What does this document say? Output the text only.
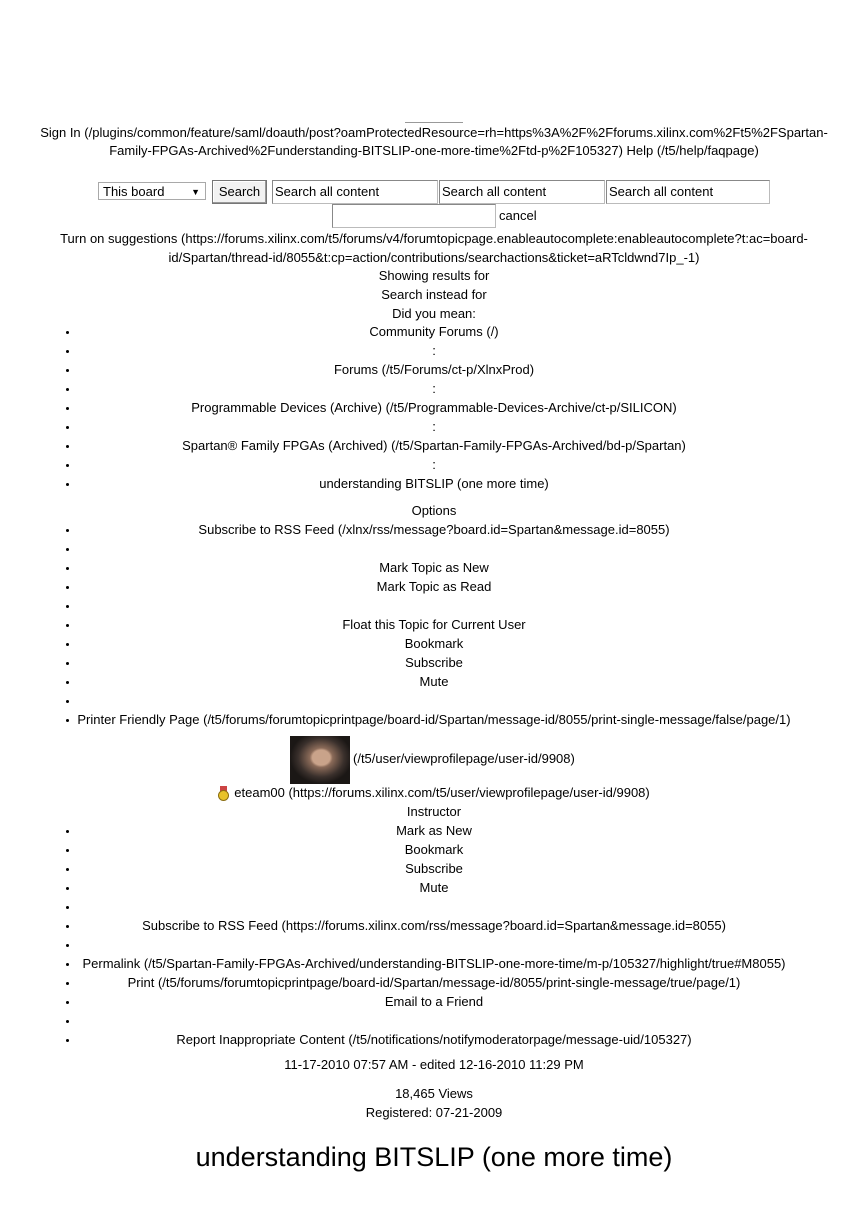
Sign In (/plugins/common/feature/saml/doauth/post?oamProtectedResource=rh=https%3A%2F%2Fforums.xilinx.com%2Ft5%2FSpartan-Family-FPGAs-Archived%2Funderstanding-BITSLIP-one-more-time%2Ftd-p%2F105327) Help (/t5/help/faqpage)
This board	▼	Search	Search all content	Search all content	Search all content
cancel
Turn on suggestions (https://forums.xilinx.com/t5/forums/v4/forumtopicpage.enableautocomplete:enableautocomplete?t:ac=board-id/Spartan/thread-id/8055&t:cp=action/contributions/searchactions&ticket=aRTcldwnd7Ip_-1)
Showing results for
Search instead for
Did you mean:
Community Forums (/)
:
Forums (/t5/Forums/ct-p/XlnxProd)
:
Programmable Devices (Archive) (/t5/Programmable-Devices-Archive/ct-p/SILICON)
:
Spartan® Family FPGAs (Archived) (/t5/Spartan-Family-FPGAs-Archived/bd-p/Spartan)
:
understanding BITSLIP (one more time)
Options
Subscribe to RSS Feed (/xlnx/rss/message?board.id=Spartan&message.id=8055)
Mark Topic as New
Mark Topic as Read
Float this Topic for Current User
Bookmark
Subscribe
Mute
Printer Friendly Page (/t5/forums/forumtopicprintpage/board-id/Spartan/message-id/8055/print-single-message/false/page/1)
(/t5/user/viewprofilepage/user-id/9908)
eteam00 (https://forums.xilinx.com/t5/user/viewprofilepage/user-id/9908)
Instructor
Mark as New
Bookmark
Subscribe
Mute
Subscribe to RSS Feed (https://forums.xilinx.com/rss/message?board.id=Spartan&message.id=8055)
Permalink (/t5/Spartan-Family-FPGAs-Archived/understanding-BITSLIP-one-more-time/m-p/105327/highlight/true#M8055)
Print (/t5/forums/forumtopicprintpage/board-id/Spartan/message-id/8055/print-single-message/true/page/1)
Email to a Friend
Report Inappropriate Content (/t5/notifications/notifymoderatorpage/message-uid/105327)
11-17-2010 07:57 AM - edited 12-16-2010 11:29 PM
18,465 Views
Registered: 07-21-2009
understanding BITSLIP (one more time)
